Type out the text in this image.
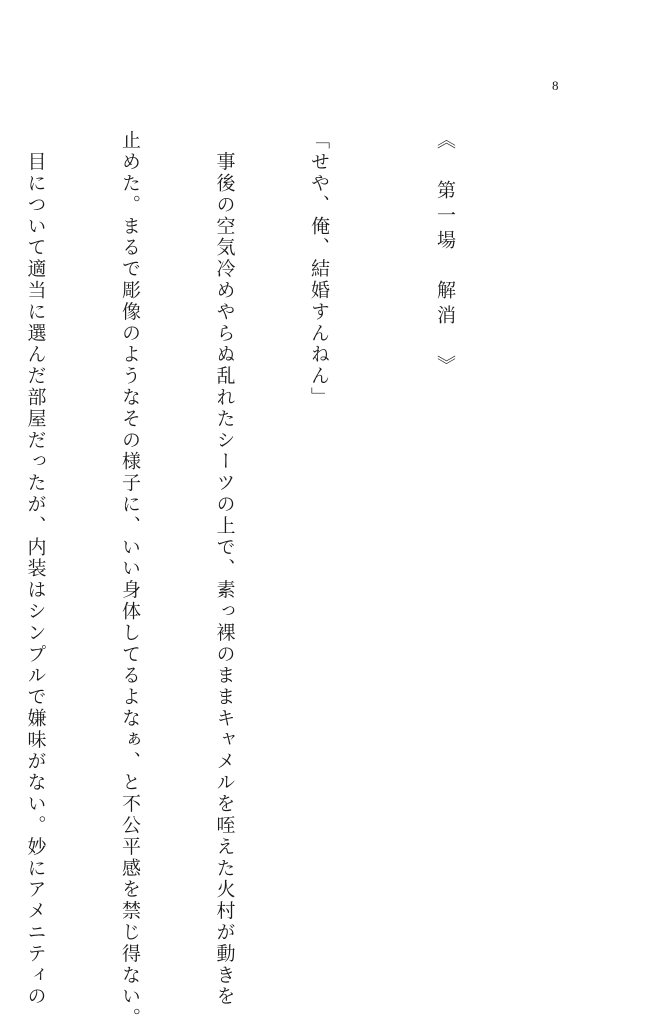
8

《　第一場　解消　》

「せや、俺、結婚すんねん」

　事後の空気冷めやらぬ乱れたシーツの上で、素っ裸のままキャメルを咥えた火村が動きを

止めた。まるで彫像のようなその様子に、いい身体してるよなぁ、と不公平感を禁じ得ない。

　目について適当に選んだ部屋だったが、内装はシンプルで嫌味がない。妙にアメニティの
